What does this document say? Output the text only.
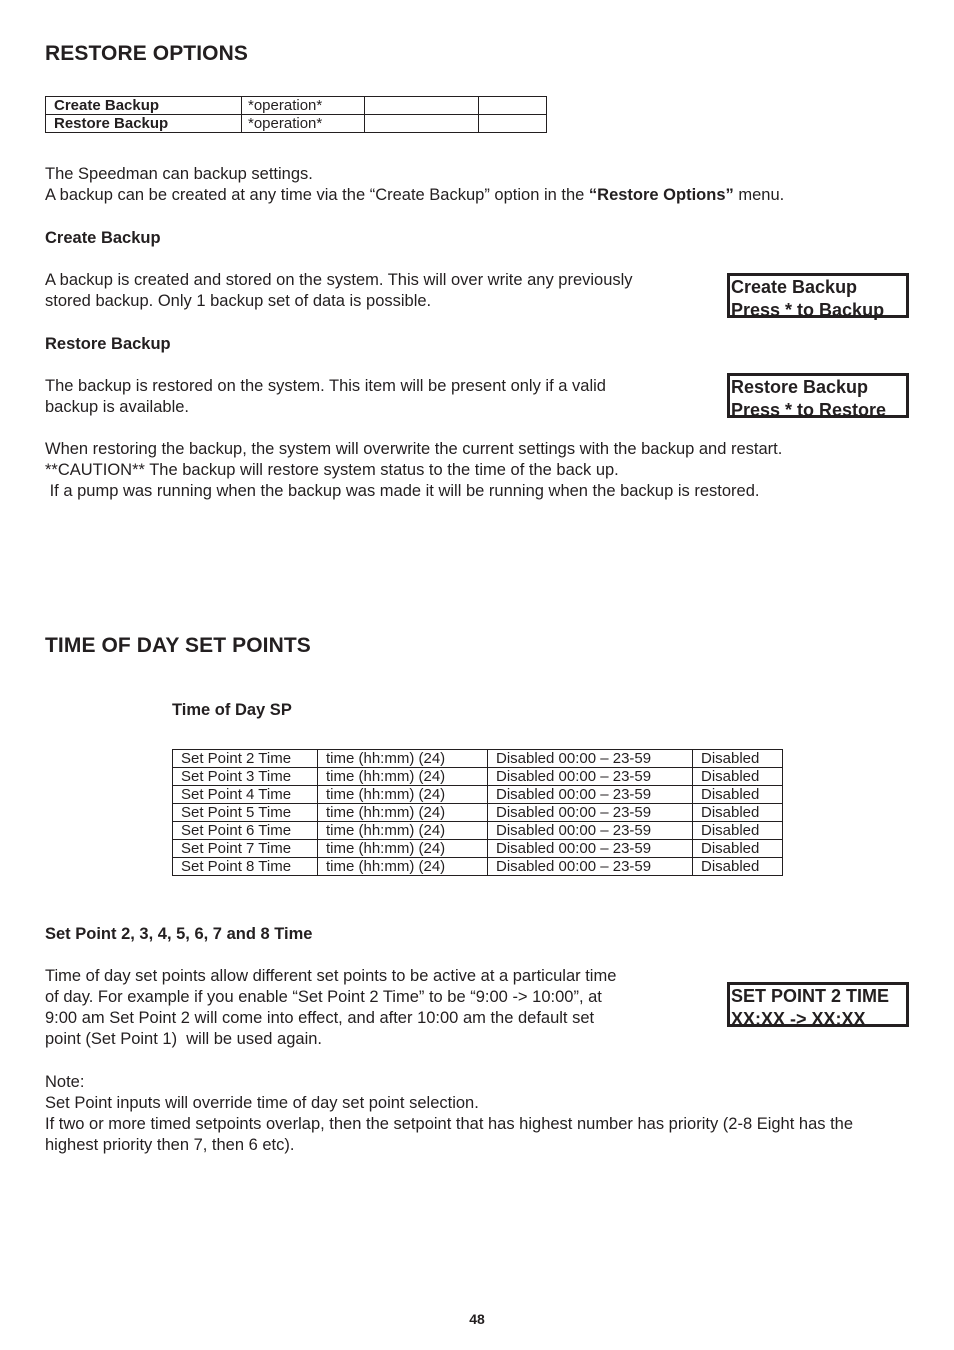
RESTORE OPTIONS
Create Backup	*operation*		
Restore Backup	*operation*		

The Speedman can backup settings.
A backup can be created at any time via the “Create Backup” option in the “Restore Options” menu.

Create Backup

A backup is created and stored on the system. This will over write any previously
stored backup. Only 1 backup set of data is possible.

Create Backup
Press * to Backup
Restore Backup

The backup is restored on the system. This item will be present only if a valid
backup is available.

Restore Backup
Press * to Restore

When restoring the backup, the system will overwrite the current settings with the backup and restart.
**CAUTION** The backup will restore system status to the time of the back up.
If a pump was running when the backup was made it will be running when the backup is restored.

TIME OF DAY SET POINTS
Time of Day SP
Set Point 2 Time	time (hh:mm) (24)	Disabled 00:00 – 23-59	Disabled
Set Point 3 Time	time (hh:mm) (24)	Disabled 00:00 – 23-59	Disabled
Set Point 4 Time	time (hh:mm) (24)	Disabled 00:00 – 23-59	Disabled
Set Point 5 Time	time (hh:mm) (24)	Disabled 00:00 – 23-59	Disabled
Set Point 6 Time	time (hh:mm) (24)	Disabled 00:00 – 23-59	Disabled
Set Point 7 Time	time (hh:mm) (24)	Disabled 00:00 – 23-59	Disabled
Set Point 8 Time	time (hh:mm) (24)	Disabled 00:00 – 23-59	Disabled
Set Point 2, 3, 4, 5, 6, 7 and 8 Time

Time of day set points allow different set points to be active at a particular time
of day. For example if you enable “Set Point 2 Time” to be “9:00 -> 10:00”, at
9:00 am Set Point 2 will come into effect, and after 10:00 am the default set
point (Set Point 1)  will be used again.

SET POINT 2 TIME
XX:XX -> XX:XX

Note:
Set Point inputs will override time of day set point selection.
If two or more timed setpoints overlap, then the setpoint that has highest number has priority (2-8 Eight has the
highest priority then 7, then 6 etc).

48
